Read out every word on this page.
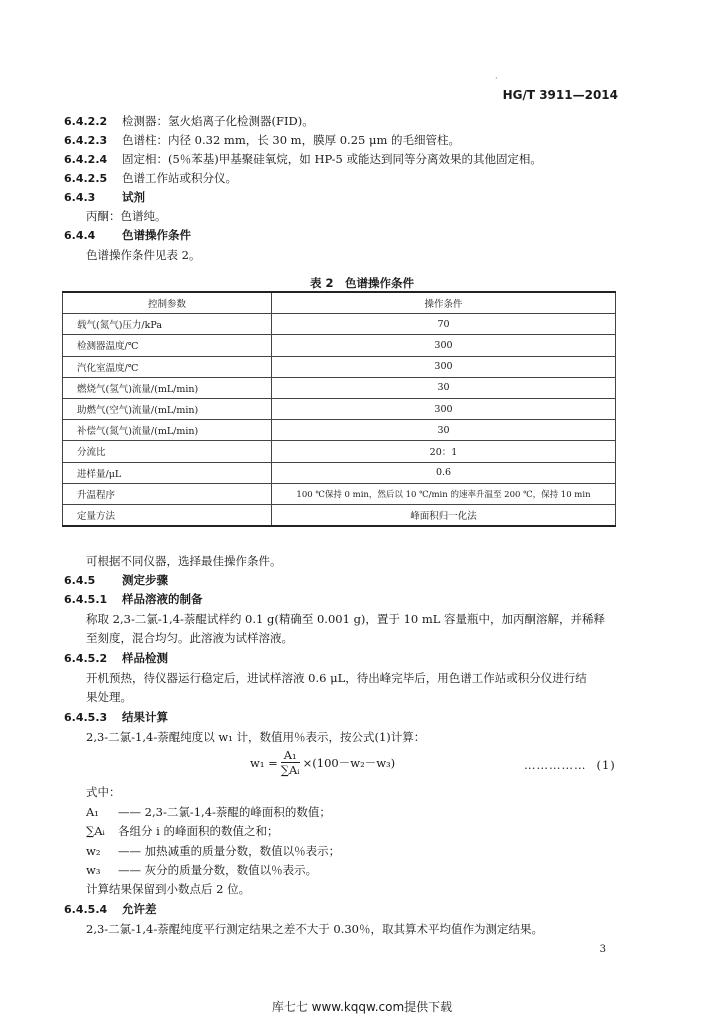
·
HG/T 3911—2014
6.4.2.2 检测器：氢火焰离子化检测器(FID)。
6.4.2.3 色谱柱：内径 0.32 mm，长 30 m，膜厚 0.25 μm 的毛细管柱。
6.4.2.4 固定相：(5％苯基)甲基聚硅氧烷，如 HP-5 或能达到同等分离效果的其他固定相。
6.4.2.5 色谱工作站或积分仪。
6.4.3 试剂
丙酮：色谱纯。
6.4.4 色谱操作条件
色谱操作条件见表 2。
表 2　色谱操作条件
控制参数	操作条件
载气(氮气)压力/kPa	70
检测器温度/℃	300
汽化室温度/℃	300
燃烧气(氢气)流量/(mL/min)	30
助燃气(空气)流量/(mL/min)	300
补偿气(氮气)流量/(mL/min)	30
分流比	20：1
进样量/μL	0.6
升温程序	100 ℃保持 0 min，然后以 10 ℃/min 的速率升温至 200 ℃，保持 10 min
定量方法	峰面积归一化法
可根据不同仪器，选择最佳操作条件。
6.4.5 测定步骤
6.4.5.1 样品溶液的制备
称取 2,3-二氯-1,4-萘醌试样约 0.1 g(精确至 0.001 g)，置于 10 mL 容量瓶中，加丙酮溶解，并稀释
至刻度，混合均匀。此溶液为试样溶液。
6.4.5.2 样品检测
开机预热，待仪器运行稳定后，进试样溶液 0.6 μL，待出峰完毕后，用色谱工作站或积分仪进行结
果处理。
6.4.5.3 结果计算
2,3-二氯-1,4-萘醌纯度以 w₁ 计，数值用％表示，按公式(1)计算：
$w_1 = \frac{\text{A₁}}{\text{∑Aᵢ}} \times(100-w_2-w_3)$	…………… (1)
式中：
A₁ —— 2,3-二氯-1,4-萘醌的峰面积的数值；
∑Aᵢ 各组分 i 的峰面积的数值之和；
w₂ —— 加热减重的质量分数，数值以％表示；
w₃ —— 灰分的质量分数，数值以％表示。
计算结果保留到小数点后 2 位。
6.4.5.4 允许差
2,3-二氯-1,4-萘醌纯度平行测定结果之差不大于 0.30％，取其算术平均值作为测定结果。
3
库七七 www.kqqw.com提供下载
